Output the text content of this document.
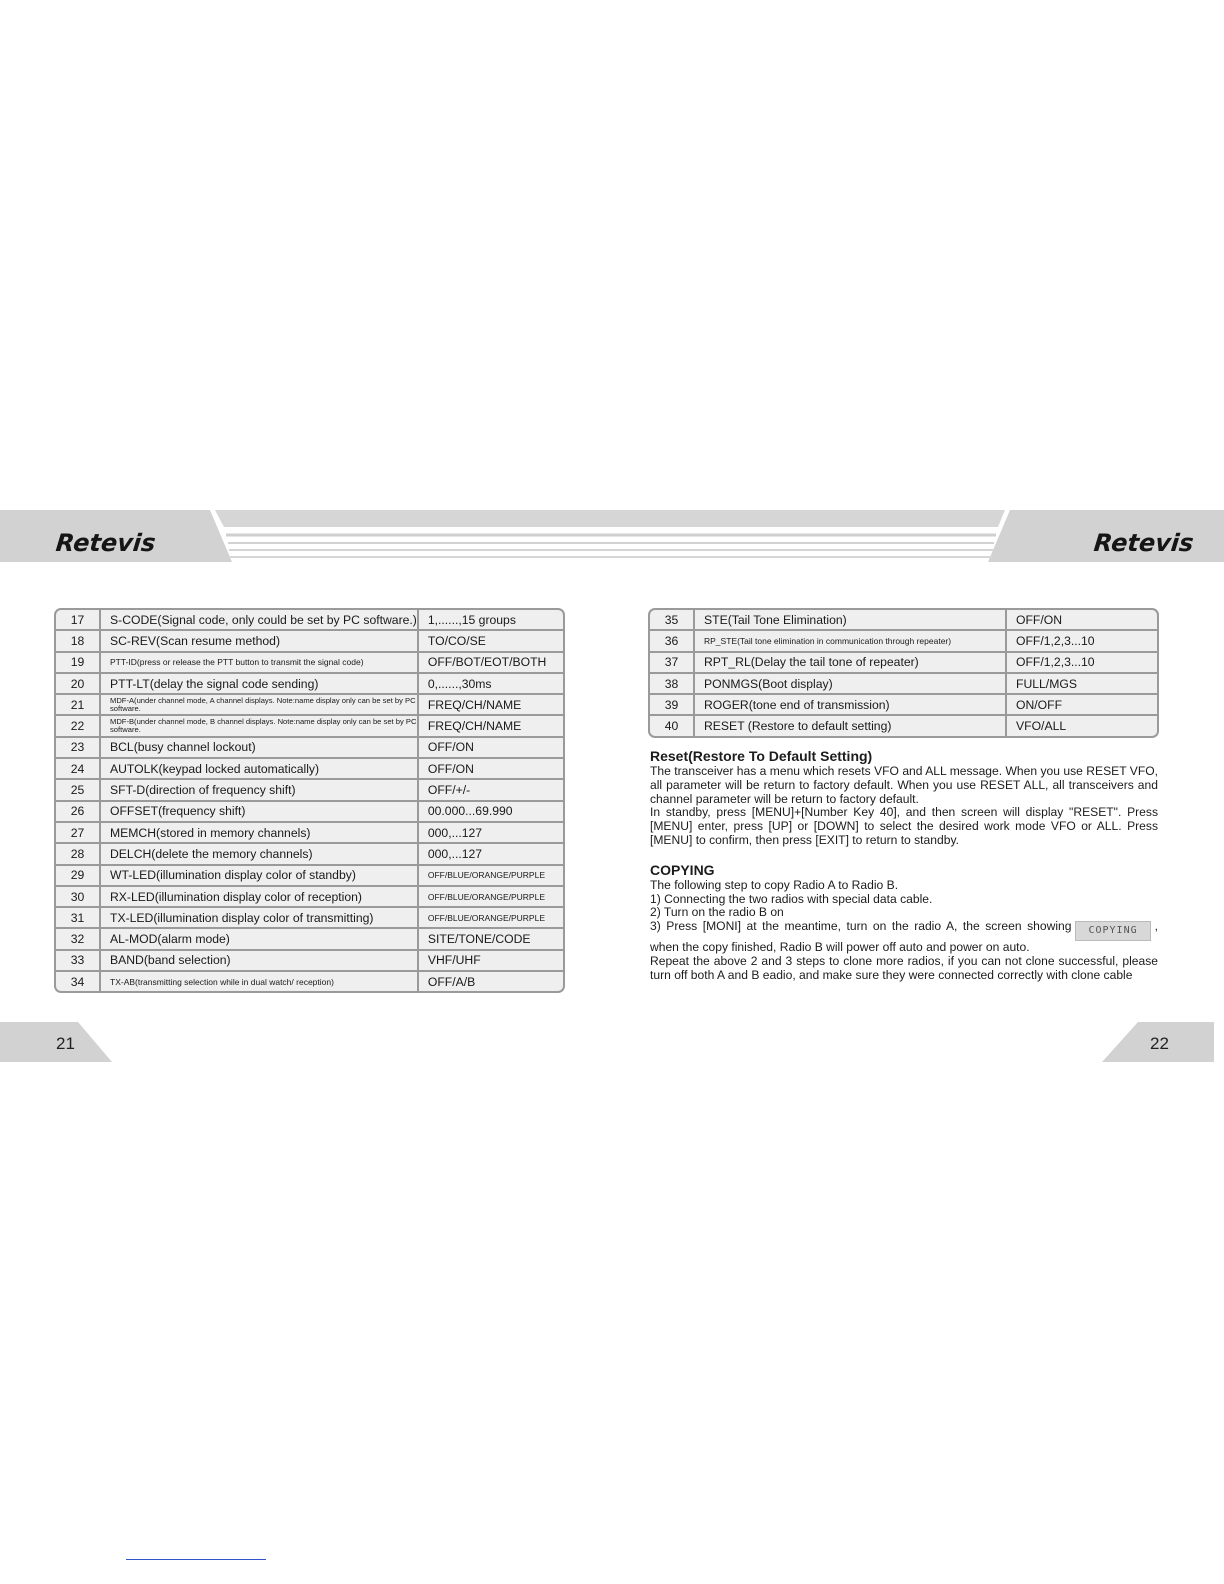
Retevis	Retevis
17	S-CODE(Signal code, only could be set by PC software.)	1,......,15 groups
18	SC-REV(Scan resume method)	TO/CO/SE
19	PTT-ID(press or release the PTT button to transmit the signal code)	OFF/BOT/EOT/BOTH
20	PTT-LT(delay the signal code sending)	0,......,30ms
21	MDF-A(under channel mode, A channel displays. Note:name display only can be set by PC software.	FREQ/CH/NAME
22	MDF-B(under channel mode, B channel displays. Note:name display only can be set by PC software.	FREQ/CH/NAME
23	BCL(busy channel lockout)	OFF/ON
24	AUTOLK(keypad locked automatically)	OFF/ON
25	SFT-D(direction of frequency shift)	OFF/+/-
26	OFFSET(frequency shift)	00.000...69.990
27	MEMCH(stored in memory channels)	000,...127
28	DELCH(delete the memory channels)	000,...127
29	WT-LED(illumination display color of standby)	OFF/BLUE/ORANGE/PURPLE
30	RX-LED(illumination display color of reception)	OFF/BLUE/ORANGE/PURPLE
31	TX-LED(illumination display color of transmitting)	OFF/BLUE/ORANGE/PURPLE
32	AL-MOD(alarm mode)	SITE/TONE/CODE
33	BAND(band selection)	VHF/UHF
34	TX-AB(transmitting selection while in dual watch/ reception)	OFF/A/B
35	STE(Tail Tone Elimination)	OFF/ON
36	RP_STE(Tail tone elimination in communication through repeater)	OFF/1,2,3...10
37	RPT_RL(Delay the tail tone of repeater)	OFF/1,2,3...10
38	PONMGS(Boot display)	FULL/MGS
39	ROGER(tone end of transmission)	ON/OFF
40	RESET (Restore to default setting)	VFO/ALL
Reset(Restore To Default Setting)

The transceiver has a menu which resets VFO and ALL message. When you use RESET VFO, all parameter will be return to factory default. When you use RESET ALL, all transceivers and channel parameter will be return to factory default.

In standby, press [MENU]+[Number Key 40], and then screen will display "RESET". Press [MENU] enter, press [UP] or [DOWN] to select the desired work mode VFO or ALL. Press [MENU] to confirm, then press [EXIT] to return to standby.

COPYING

The following step to copy Radio A to Radio B.

1) Connecting the two radios with special data cable.

2) Turn on the radio B on

3) Press [MONI] at the meantime, turn on the radio A, the screen showing COPYING , when the copy finished, Radio B will power off auto and power on auto.

Repeat the above 2 and 3 steps to clone more radios, if you can not clone successful, please turn off both A and B eadio, and make sure they were connected correctly with clone cable

21	22
